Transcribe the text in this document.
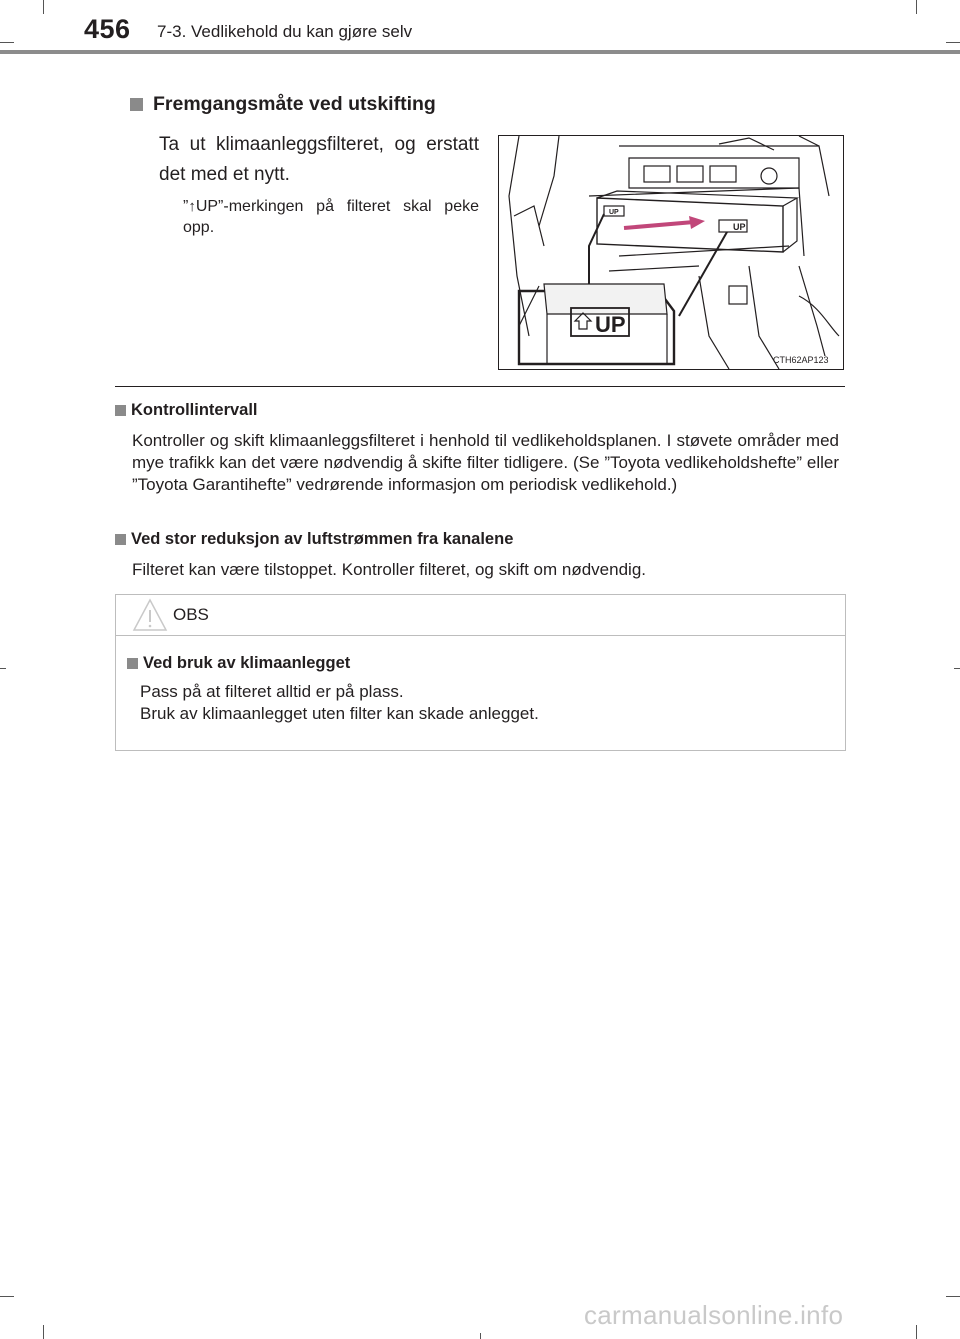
456 7-3. Vedlikehold du kan gjøre selv
Fremgangsmåte ved utskifting
Ta ut klimaanleggsfilteret, og erstatt det med et nytt.
”↑UP”-merkingen på filteret skal peke opp.
UP
UP
UP
CTH62AP123
Kontrollintervall
Kontroller og skift klimaanleggsfilteret i henhold til vedlikeholdsplanen. I støvete områder med mye trafikk kan det være nødvendig å skifte filter tidligere. (Se ”Toyota vedlikeholdshefte” eller ”Toyota Garantihefte” vedrørende informasjon om periodisk vedlikehold.)
Ved stor reduksjon av luftstrømmen fra kanalene
Filteret kan være tilstoppet. Kontroller filteret, og skift om nødvendig.
OBS
Ved bruk av klimaanlegget
Pass på at filteret alltid er på plass.
Bruk av klimaanlegget uten filter kan skade anlegget.
carmanualsonline.info
